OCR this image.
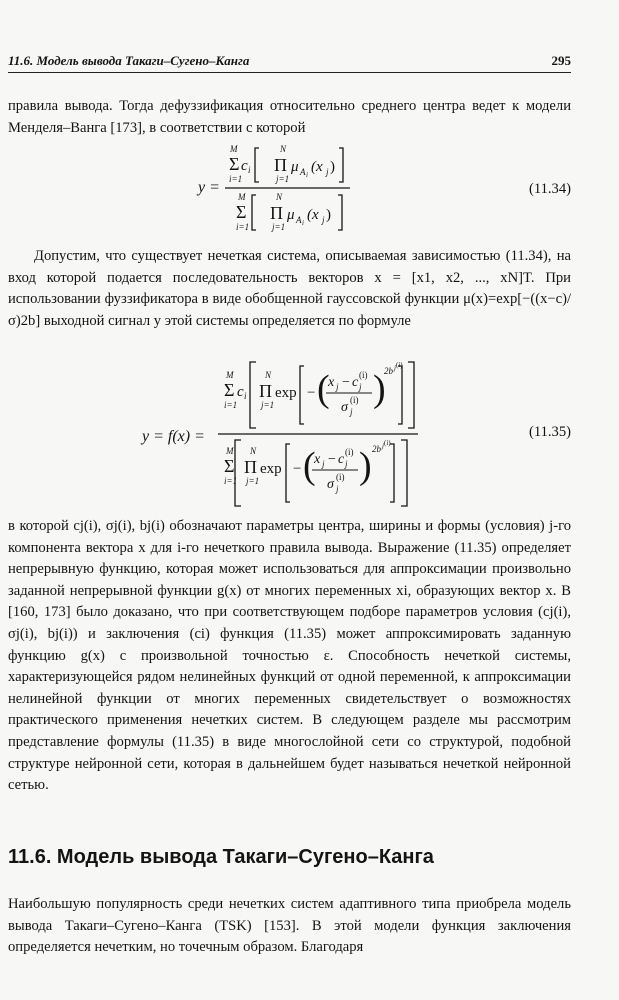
11.6. Модель вывода Такаги–Сугено–Канга	295

правила вывода. Тогда дефуззификация относительно среднего центра ведет к модели Менделя–Ванга [173], в соответствии с которой

y =
M
Σ c i
i=1
N
Π μ A i (x j )
j=1
M
Σ
i=1
N
Π μ A i (x j )
j=1
(11.34)

Допустим, что существует нечеткая система, описываемая зависимостью (11.34), на вход которой подается последовательность векторов x = [x1, x2, ..., xN]T. При использовании фуззификатора в виде обобщенной гауссовской функции μ(x)=exp[−((x−c)/σ)2b] выходной сигнал у этой системы определяется по формуле

y = f(x) =
M
Σ c i
i=1
N
Π exp
j=1
− (
x j − c j
(i)
σ j
(i) )
2b j (i)
M
Σ
i=1
N
Π exp
j=1
− (
x j − c j
(i)
σ j
(i) ) 2b j (i)
(11.35)

в которой cj(i), σj(i), bj(i) обозначают параметры центра, ширины и формы (условия) j-го компонента вектора x для i-го нечеткого правила вывода. Выражение (11.35) определяет непрерывную функцию, которая может использоваться для аппроксимации произвольно заданной непрерывной функции g(x) от многих переменных xi, образующих вектор x. В [160, 173] было доказано, что при соответствующем подборе параметров условия (cj(i), σj(i), bj(i)) и заключения (ci) функция (11.35) может аппроксимировать заданную функцию g(x) с произвольной точностью ε. Способность нечеткой системы, характеризующейся рядом нелинейных функций от одной переменной, к аппроксимации нелинейной функции от многих переменных свидетельствует о возможностях практического применения нечетких систем. В следующем разделе мы рассмотрим представление формулы (11.35) в виде многослойной сети со структурой, подобной структуре нейронной сети, которая в дальнейшем будет называться нечеткой нейронной сетью.

11.6. Модель вывода Такаги–Сугено–Канга

Наибольшую популярность среди нечетких систем адаптивного типа приобрела модель вывода Такаги–Сугено–Канга (TSK) [153]. В этой модели функция заключения определяется нечетким, но точечным образом. Благодаря
